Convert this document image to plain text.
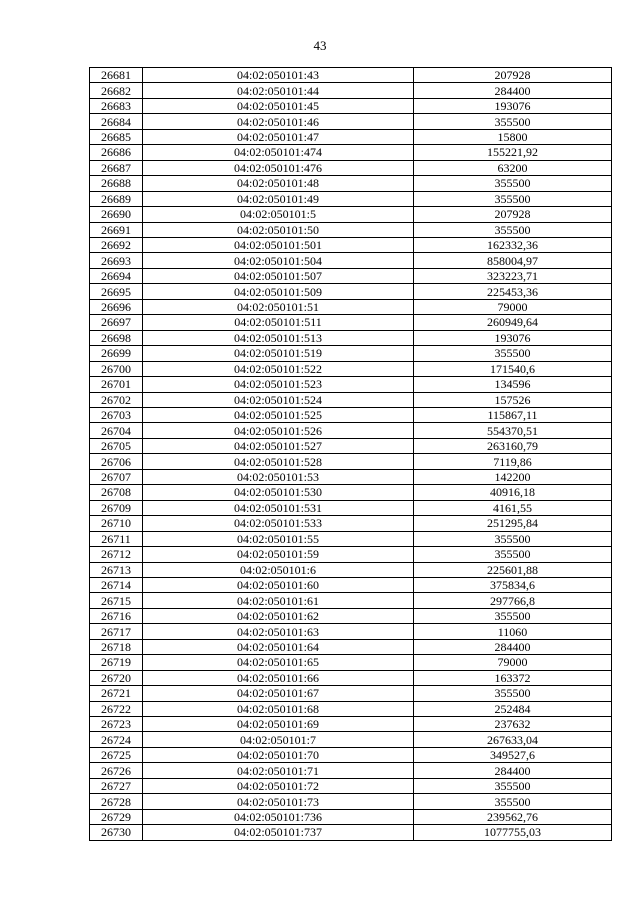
43
26681	04:02:050101:43	207928
26682	04:02:050101:44	284400
26683	04:02:050101:45	193076
26684	04:02:050101:46	355500
26685	04:02:050101:47	15800
26686	04:02:050101:474	155221,92
26687	04:02:050101:476	63200
26688	04:02:050101:48	355500
26689	04:02:050101:49	355500
26690	04:02:050101:5	207928
26691	04:02:050101:50	355500
26692	04:02:050101:501	162332,36
26693	04:02:050101:504	858004,97
26694	04:02:050101:507	323223,71
26695	04:02:050101:509	225453,36
26696	04:02:050101:51	79000
26697	04:02:050101:511	260949,64
26698	04:02:050101:513	193076
26699	04:02:050101:519	355500
26700	04:02:050101:522	171540,6
26701	04:02:050101:523	134596
26702	04:02:050101:524	157526
26703	04:02:050101:525	115867,11
26704	04:02:050101:526	554370,51
26705	04:02:050101:527	263160,79
26706	04:02:050101:528	7119,86
26707	04:02:050101:53	142200
26708	04:02:050101:530	40916,18
26709	04:02:050101:531	4161,55
26710	04:02:050101:533	251295,84
26711	04:02:050101:55	355500
26712	04:02:050101:59	355500
26713	04:02:050101:6	225601,88
26714	04:02:050101:60	375834,6
26715	04:02:050101:61	297766,8
26716	04:02:050101:62	355500
26717	04:02:050101:63	11060
26718	04:02:050101:64	284400
26719	04:02:050101:65	79000
26720	04:02:050101:66	163372
26721	04:02:050101:67	355500
26722	04:02:050101:68	252484
26723	04:02:050101:69	237632
26724	04:02:050101:7	267633,04
26725	04:02:050101:70	349527,6
26726	04:02:050101:71	284400
26727	04:02:050101:72	355500
26728	04:02:050101:73	355500
26729	04:02:050101:736	239562,76
26730	04:02:050101:737	1077755,03
